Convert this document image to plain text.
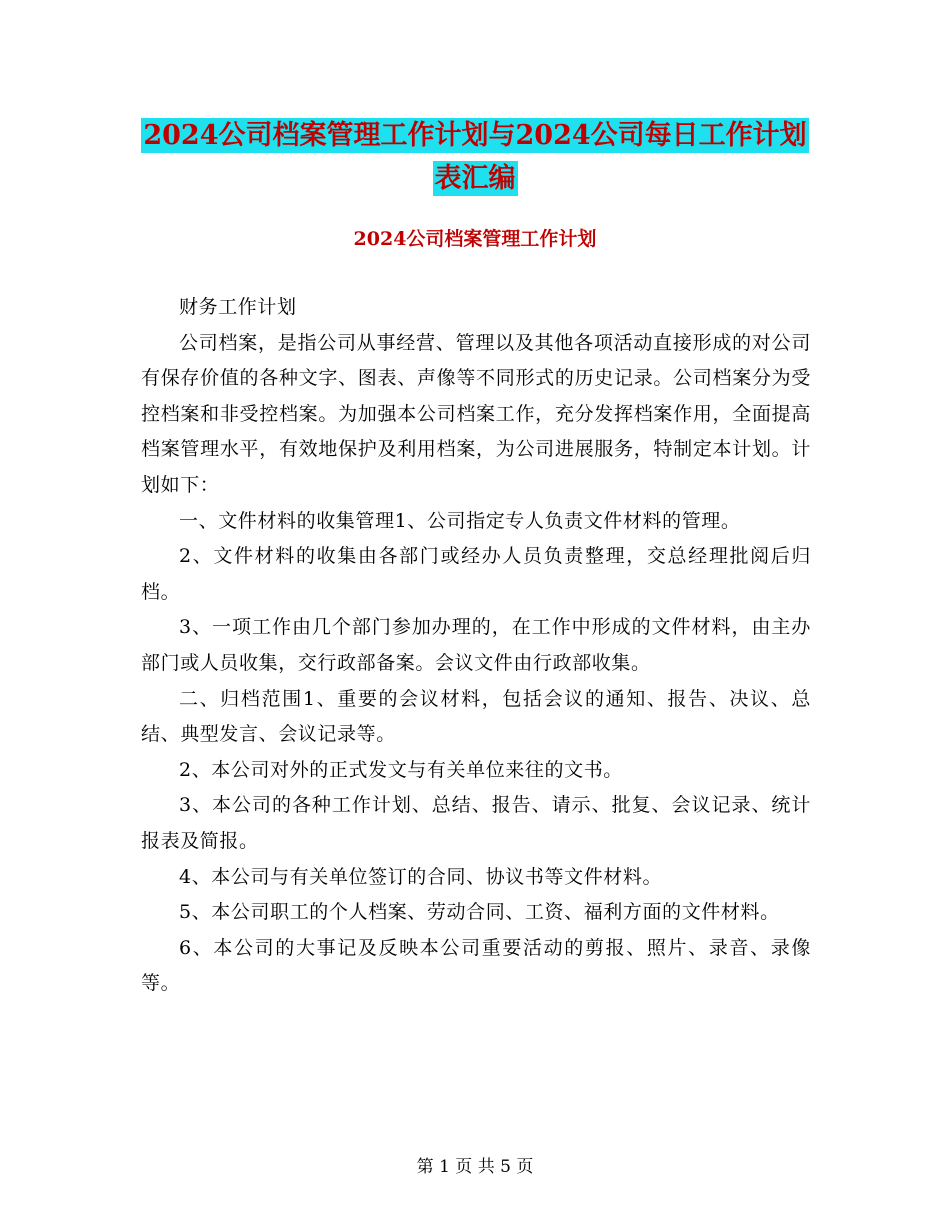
2024公司档案管理工作计划与2024公司每日工作计划
表汇编
2024公司档案管理工作计划

财务工作计划

公司档案，是指公司从事经营、管理以及其他各项活动直接形成的对公司有保存价值的各种文字、图表、声像等不同形式的历史记录。公司档案分为受控档案和非受控档案。为加强本公司档案工作，充分发挥档案作用，全面提高档案管理水平，有效地保护及利用档案，为公司进展服务，特制定本计划。计划如下：

一、文件材料的收集管理1、公司指定专人负责文件材料的管理。

2、文件材料的收集由各部门或经办人员负责整理，交总经理批阅后归档。

3、一项工作由几个部门参加办理的，在工作中形成的文件材料，由主办部门或人员收集，交行政部备案。会议文件由行政部收集。

二、归档范围1、重要的会议材料，包括会议的通知、报告、决议、总结、典型发言、会议记录等。

2、本公司对外的正式发文与有关单位来往的文书。

3、本公司的各种工作计划、总结、报告、请示、批复、会议记录、统计报表及简报。

4、本公司与有关单位签订的合同、协议书等文件材料。

5、本公司职工的个人档案、劳动合同、工资、福利方面的文件材料。

6、本公司的大事记及反映本公司重要活动的剪报、照片、录音、录像等。

第 1 页 共 5 页
